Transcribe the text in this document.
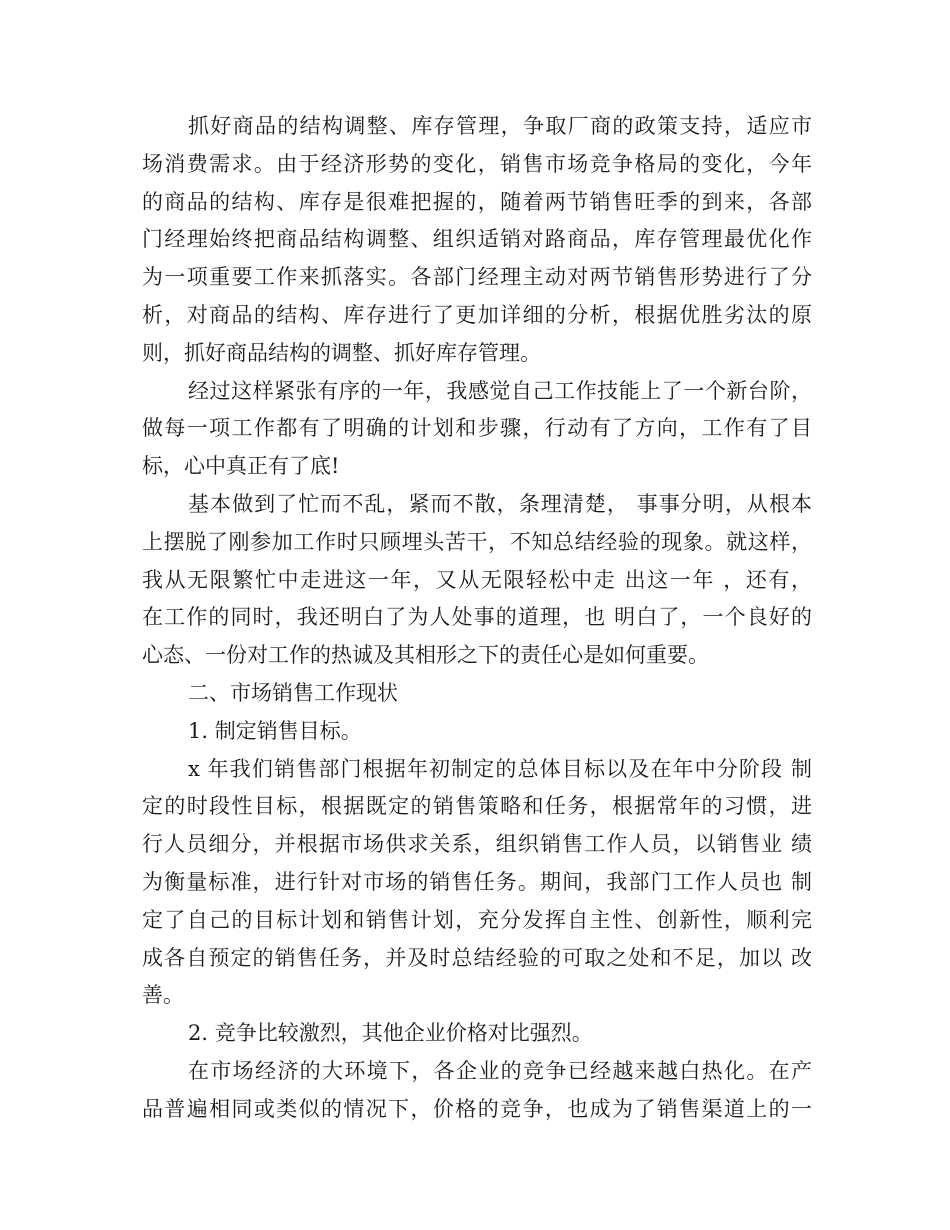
抓好商品的结构调整、库存管理，争取厂商的政策支持，适应市
场消费需求。由于经济形势的变化，销售市场竞争格局的变化，今年
的商品的结构、库存是很难把握的，随着两节销售旺季的到来，各部
门经理始终把商品结构调整、组织适销对路商品，库存管理最优化作
为一项重要工作来抓落实。各部门经理主动对两节销售形势进行了分
析，对商品的结构、库存进行了更加详细的分析，根据优胜劣汰的原
则，抓好商品结构的调整、抓好库存管理。
经过这样紧张有序的一年，我感觉自己工作技能上了一个新台阶，
做每一项工作都有了明确的计划和步骤，行动有了方向，工作有了目
标，心中真正有了底!
基本做到了忙而不乱，紧而不散，条理清楚， 事事分明，从根本
上摆脱了刚参加工作时只顾埋头苦干，不知总结经验的现象。就这样，
我从无限繁忙中走进这一年，又从无限轻松中走 出这一年 ，还有，
在工作的同时，我还明白了为人处事的道理，也 明白了，一个良好的
心态、一份对工作的热诚及其相形之下的责任心是如何重要。
二、市场销售工作现状
1. 制定销售目标。
x 年我们销售部门根据年初制定的总体目标以及在年中分阶段 制
定的时段性目标，根据既定的销售策略和任务，根据常年的习惯，进
行人员细分，并根据市场供求关系，组织销售工作人员，以销售业 绩
为衡量标准，进行针对市场的销售任务。期间，我部门工作人员也 制
定了自己的目标计划和销售计划，充分发挥自主性、创新性，顺利完
成各自预定的销售任务，并及时总结经验的可取之处和不足，加以 改
善。
2. 竞争比较激烈，其他企业价格对比强烈。
在市场经济的大环境下，各企业的竞争已经越来越白热化。在产
品普遍相同或类似的情况下，价格的竞争，也成为了销售渠道上的一
